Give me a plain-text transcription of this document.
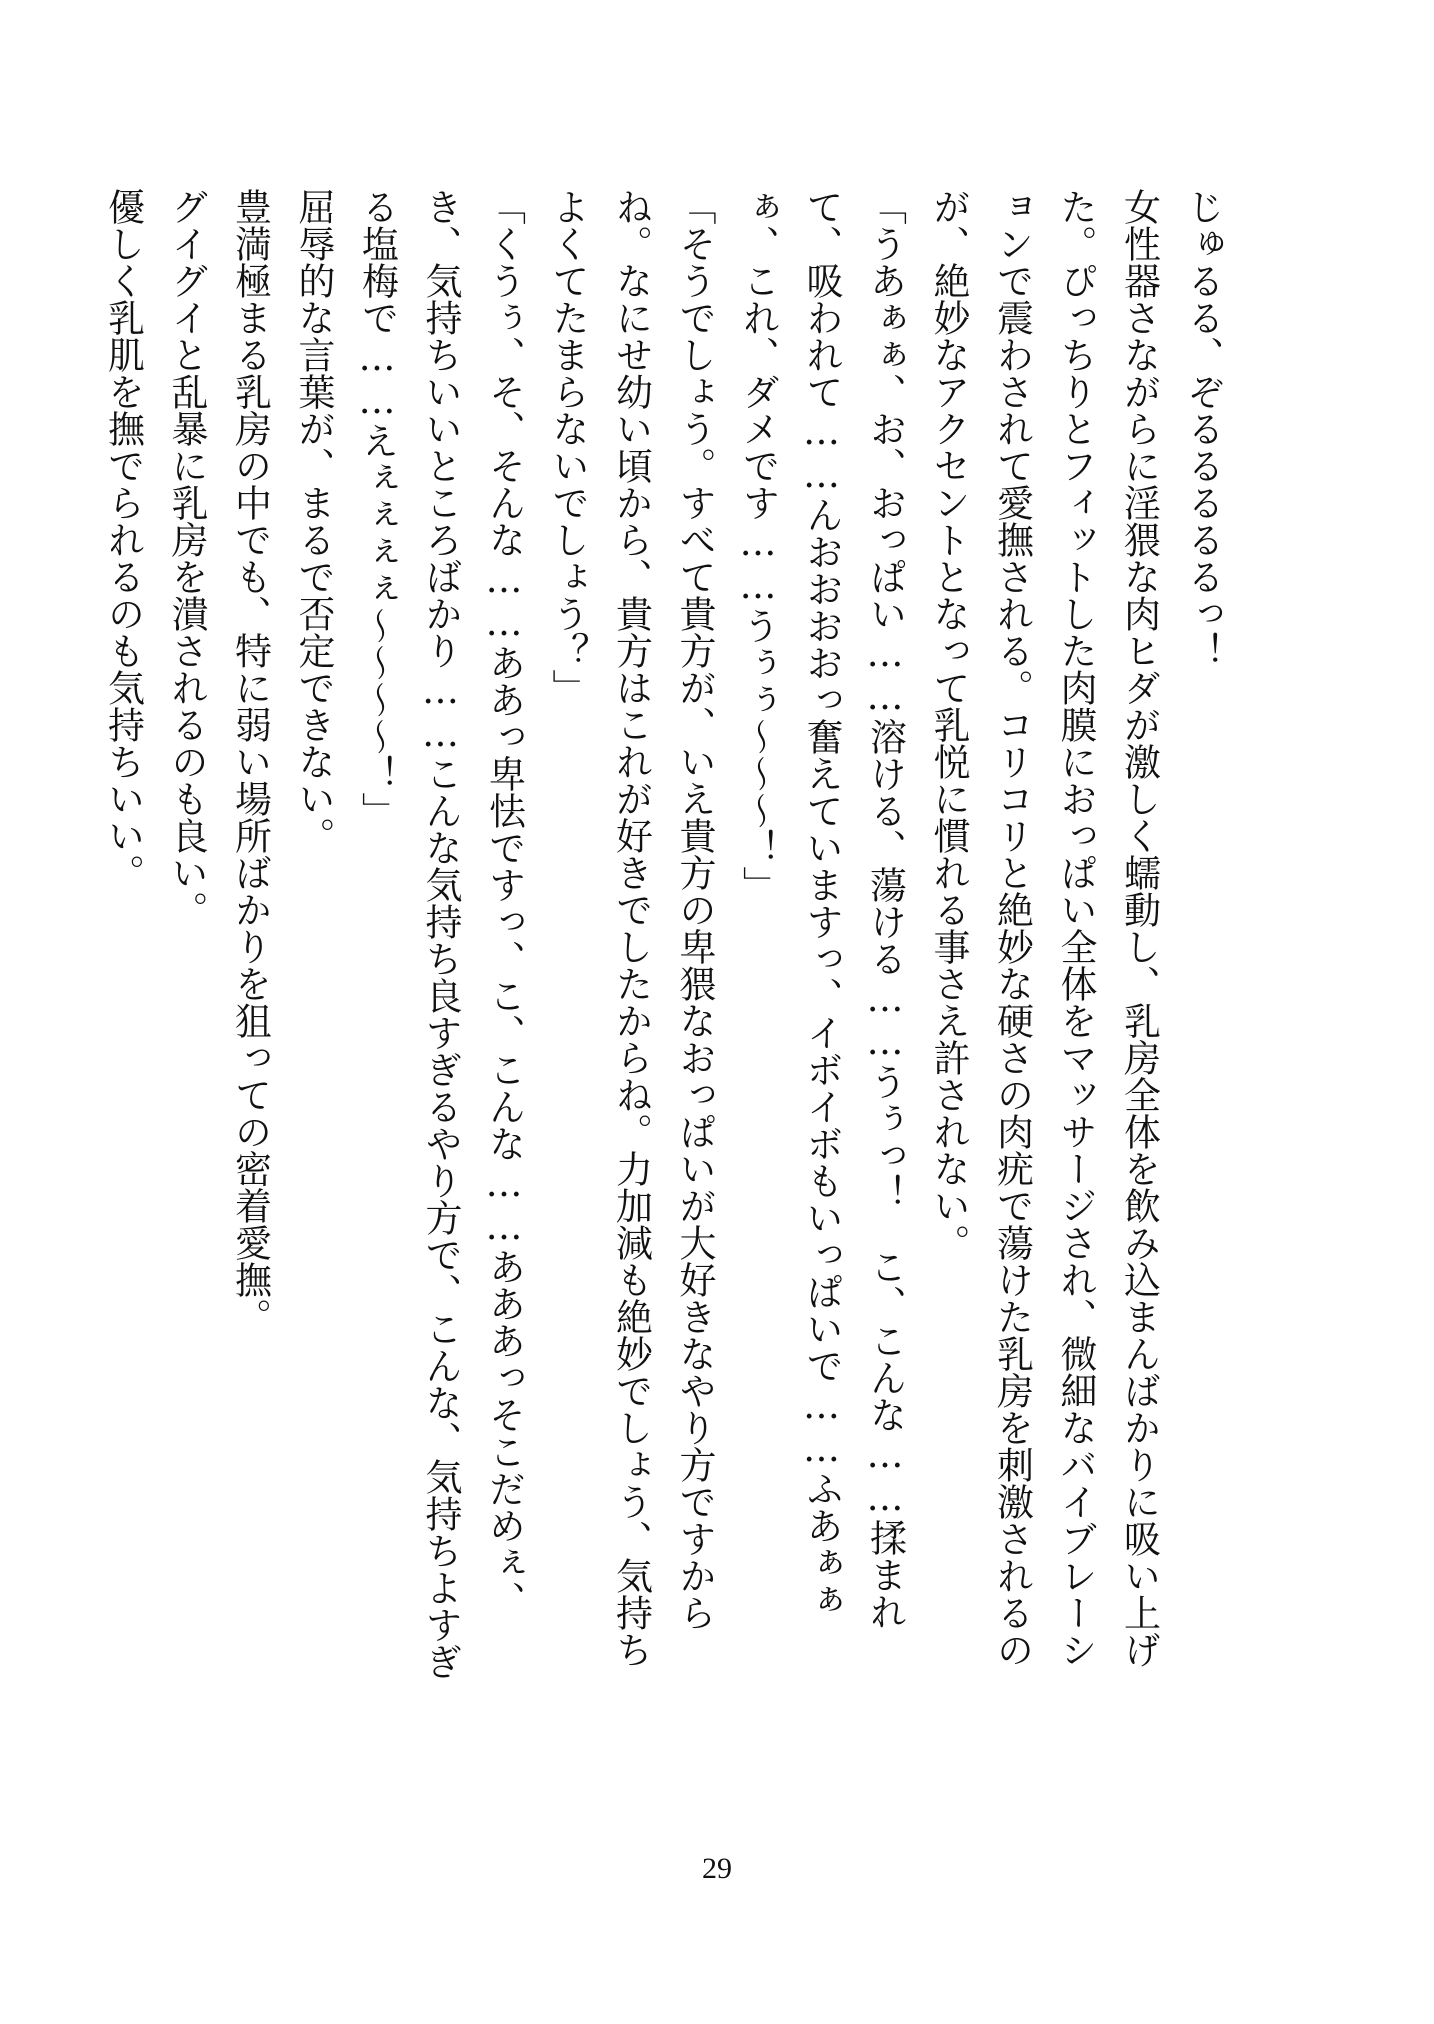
じゅるる、ぞるるるるるっ！

女性器さながらに淫猥な肉ヒダが激しく蠕動し、乳房全体を飲み込まんばかりに吸い上げた。ぴっちりとフィットした肉膜におっぱい全体をマッサージされ、微細なバイブレーションで震わされて愛撫される。コリコリと絶妙な硬さの肉疣で蕩けた乳房を刺激されるのが、絶妙なアクセントとなって乳悦に慣れる事さえ許されない。

「うあぁぁ、お、おっぱい……溶ける、蕩ける……うぅっ！　こ、こんな……揉まれて、吸われて……んおおおおっ奮えていますっ、イボイボもいっぱいで……ふあぁぁぁ、これ、ダメです……うぅぅ〜〜〜！」

「そうでしょう。すべて貴方が、いえ貴方の卑猥なおっぱいが大好きなやり方ですからね。なにせ幼い頃から、貴方はこれが好きでしたからね。力加減も絶妙でしょう、気持ちよくてたまらないでしょう？」

「くうぅ、そ、そんな……ああっ卑怯ですっ、こ、こんな……あああっそこだめぇ、き、気持ちいいところばかり……こんな気持ち良すぎるやり方で、こんな、気持ちよすぎる塩梅で……えぇぇぇぇ〜〜〜〜！」

屈辱的な言葉が、まるで否定できない。

豊満極まる乳房の中でも、特に弱い場所ばかりを狙っての密着愛撫。

グイグイと乱暴に乳房を潰されるのも良い。

優しく乳肌を撫でられるのも気持ちいい。

29
